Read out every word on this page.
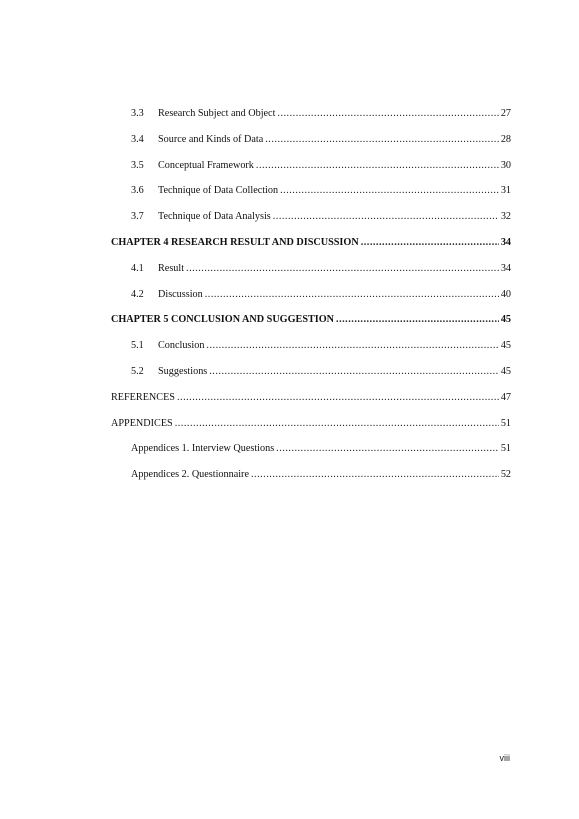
3.3 Research Subject and Object .....	27
3.4 Source and Kinds of Data .....	28
3.5 Conceptual Framework .....	30
3.6 Technique of Data Collection .....	31
3.7 Technique of Data Analysis .....	32
CHAPTER 4 RESEARCH RESULT AND DISCUSSION .....	34
4.1 Result .....	34
4.2 Discussion .....	40
CHAPTER 5 CONCLUSION AND SUGGESTION .....	45
5.1 Conclusion .....	45
5.2 Suggestions .....	45
REFERENCES .....	47
APPENDICES .....	51
Appendices 1. Interview Questions .....	51
Appendices 2. Questionnaire .....	52
viii
